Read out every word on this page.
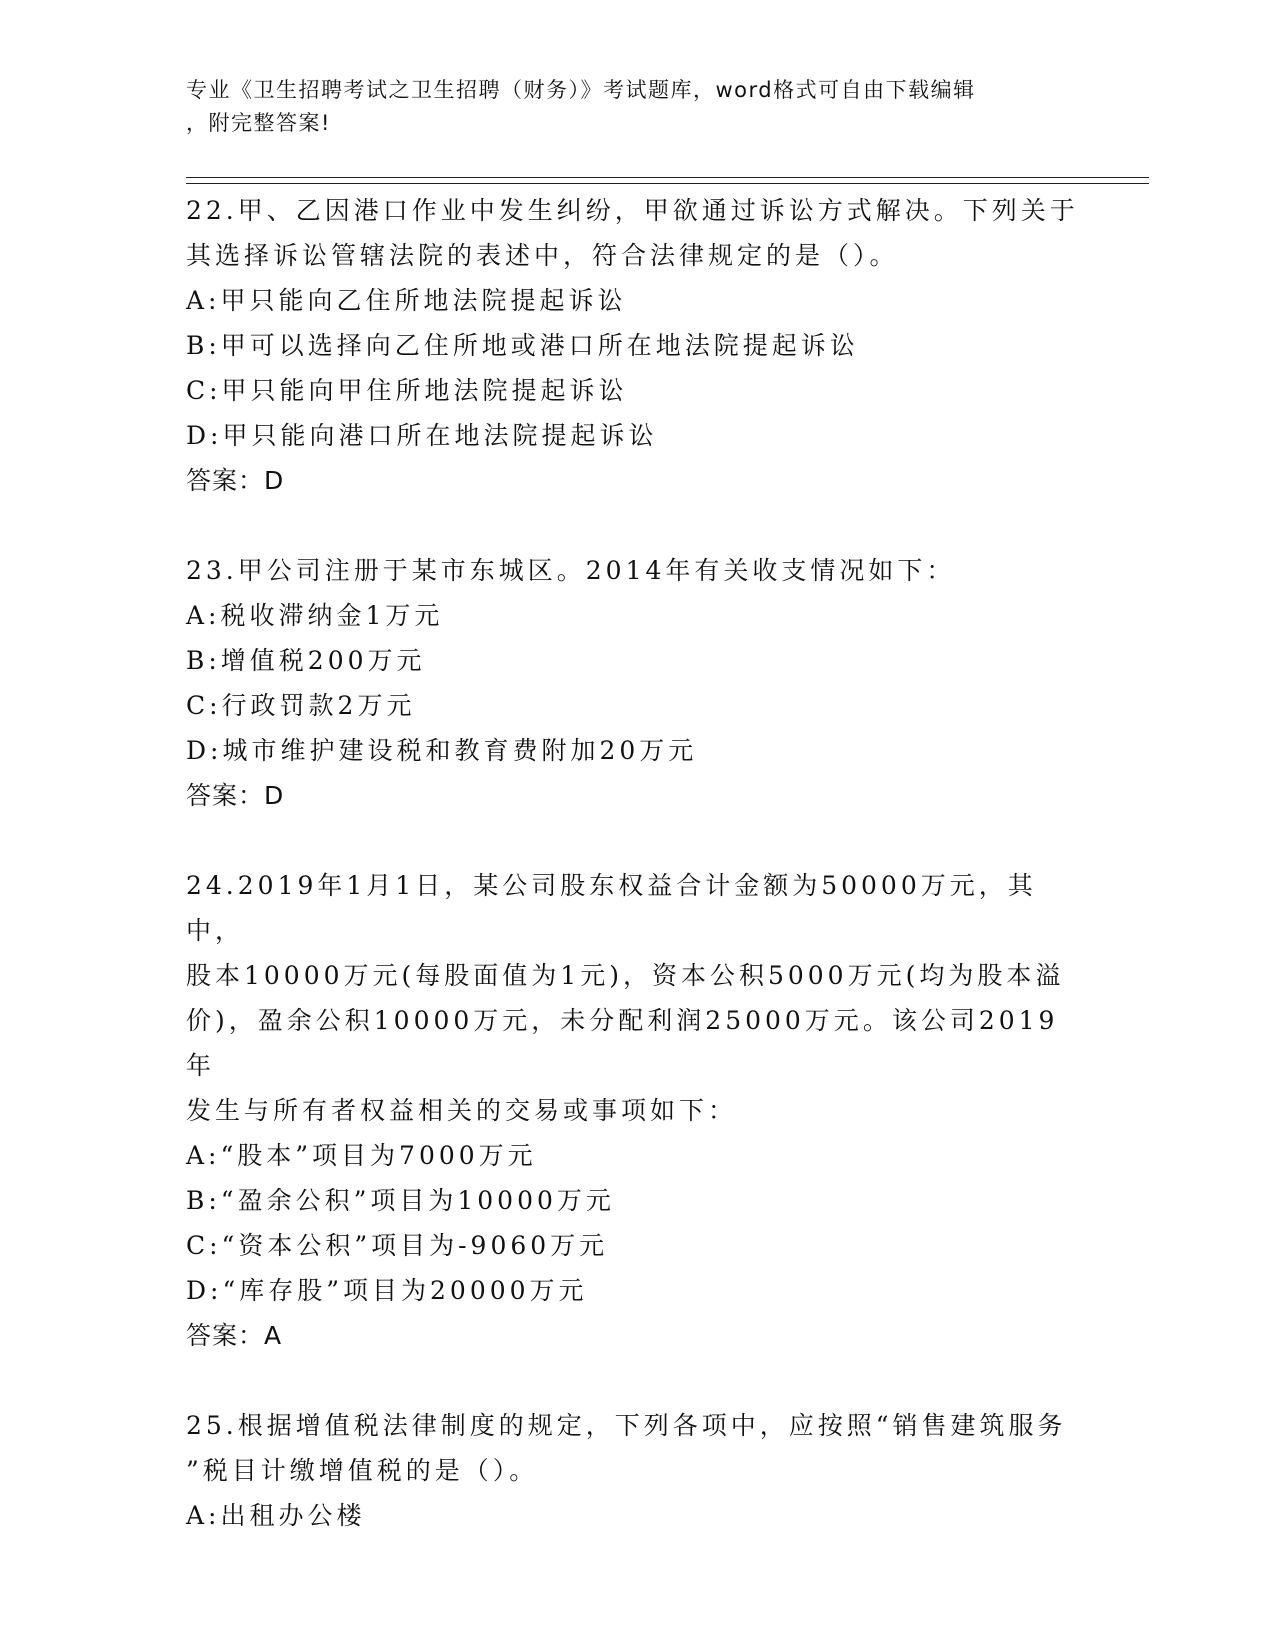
专业《卫生招聘考试之卫生招聘（财务）》考试题库，word格式可自由下载编辑
，附完整答案!

22.甲、乙因港口作业中发生纠纷，甲欲通过诉讼方式解决。下列关于

其选择诉讼管辖法院的表述中，符合法律规定的是（）。

A:甲只能向乙住所地法院提起诉讼

B:甲可以选择向乙住所地或港口所在地法院提起诉讼

C:甲只能向甲住所地法院提起诉讼

D:甲只能向港口所在地法院提起诉讼

答案：D

23.甲公司注册于某市东城区。2014年有关收支情况如下：

A:税收滞纳金1万元

B:增值税200万元

C:行政罚款2万元

D:城市维护建设税和教育费附加20万元

答案：D

24.2019年1月1日，某公司股东权益合计金额为50000万元，其中，

股本10000万元(每股面值为1元)，资本公积5000万元(均为股本溢

价)，盈余公积10000万元，未分配利润25000万元。该公司2019年

发生与所有者权益相关的交易或事项如下：

A:“股本”项目为7000万元

B:“盈余公积”项目为10000万元

C:“资本公积”项目为-9060万元

D:“库存股”项目为20000万元

答案：A

25.根据增值税法律制度的规定，下列各项中，应按照“销售建筑服务

”税目计缴增值税的是（）。

A:出租办公楼
